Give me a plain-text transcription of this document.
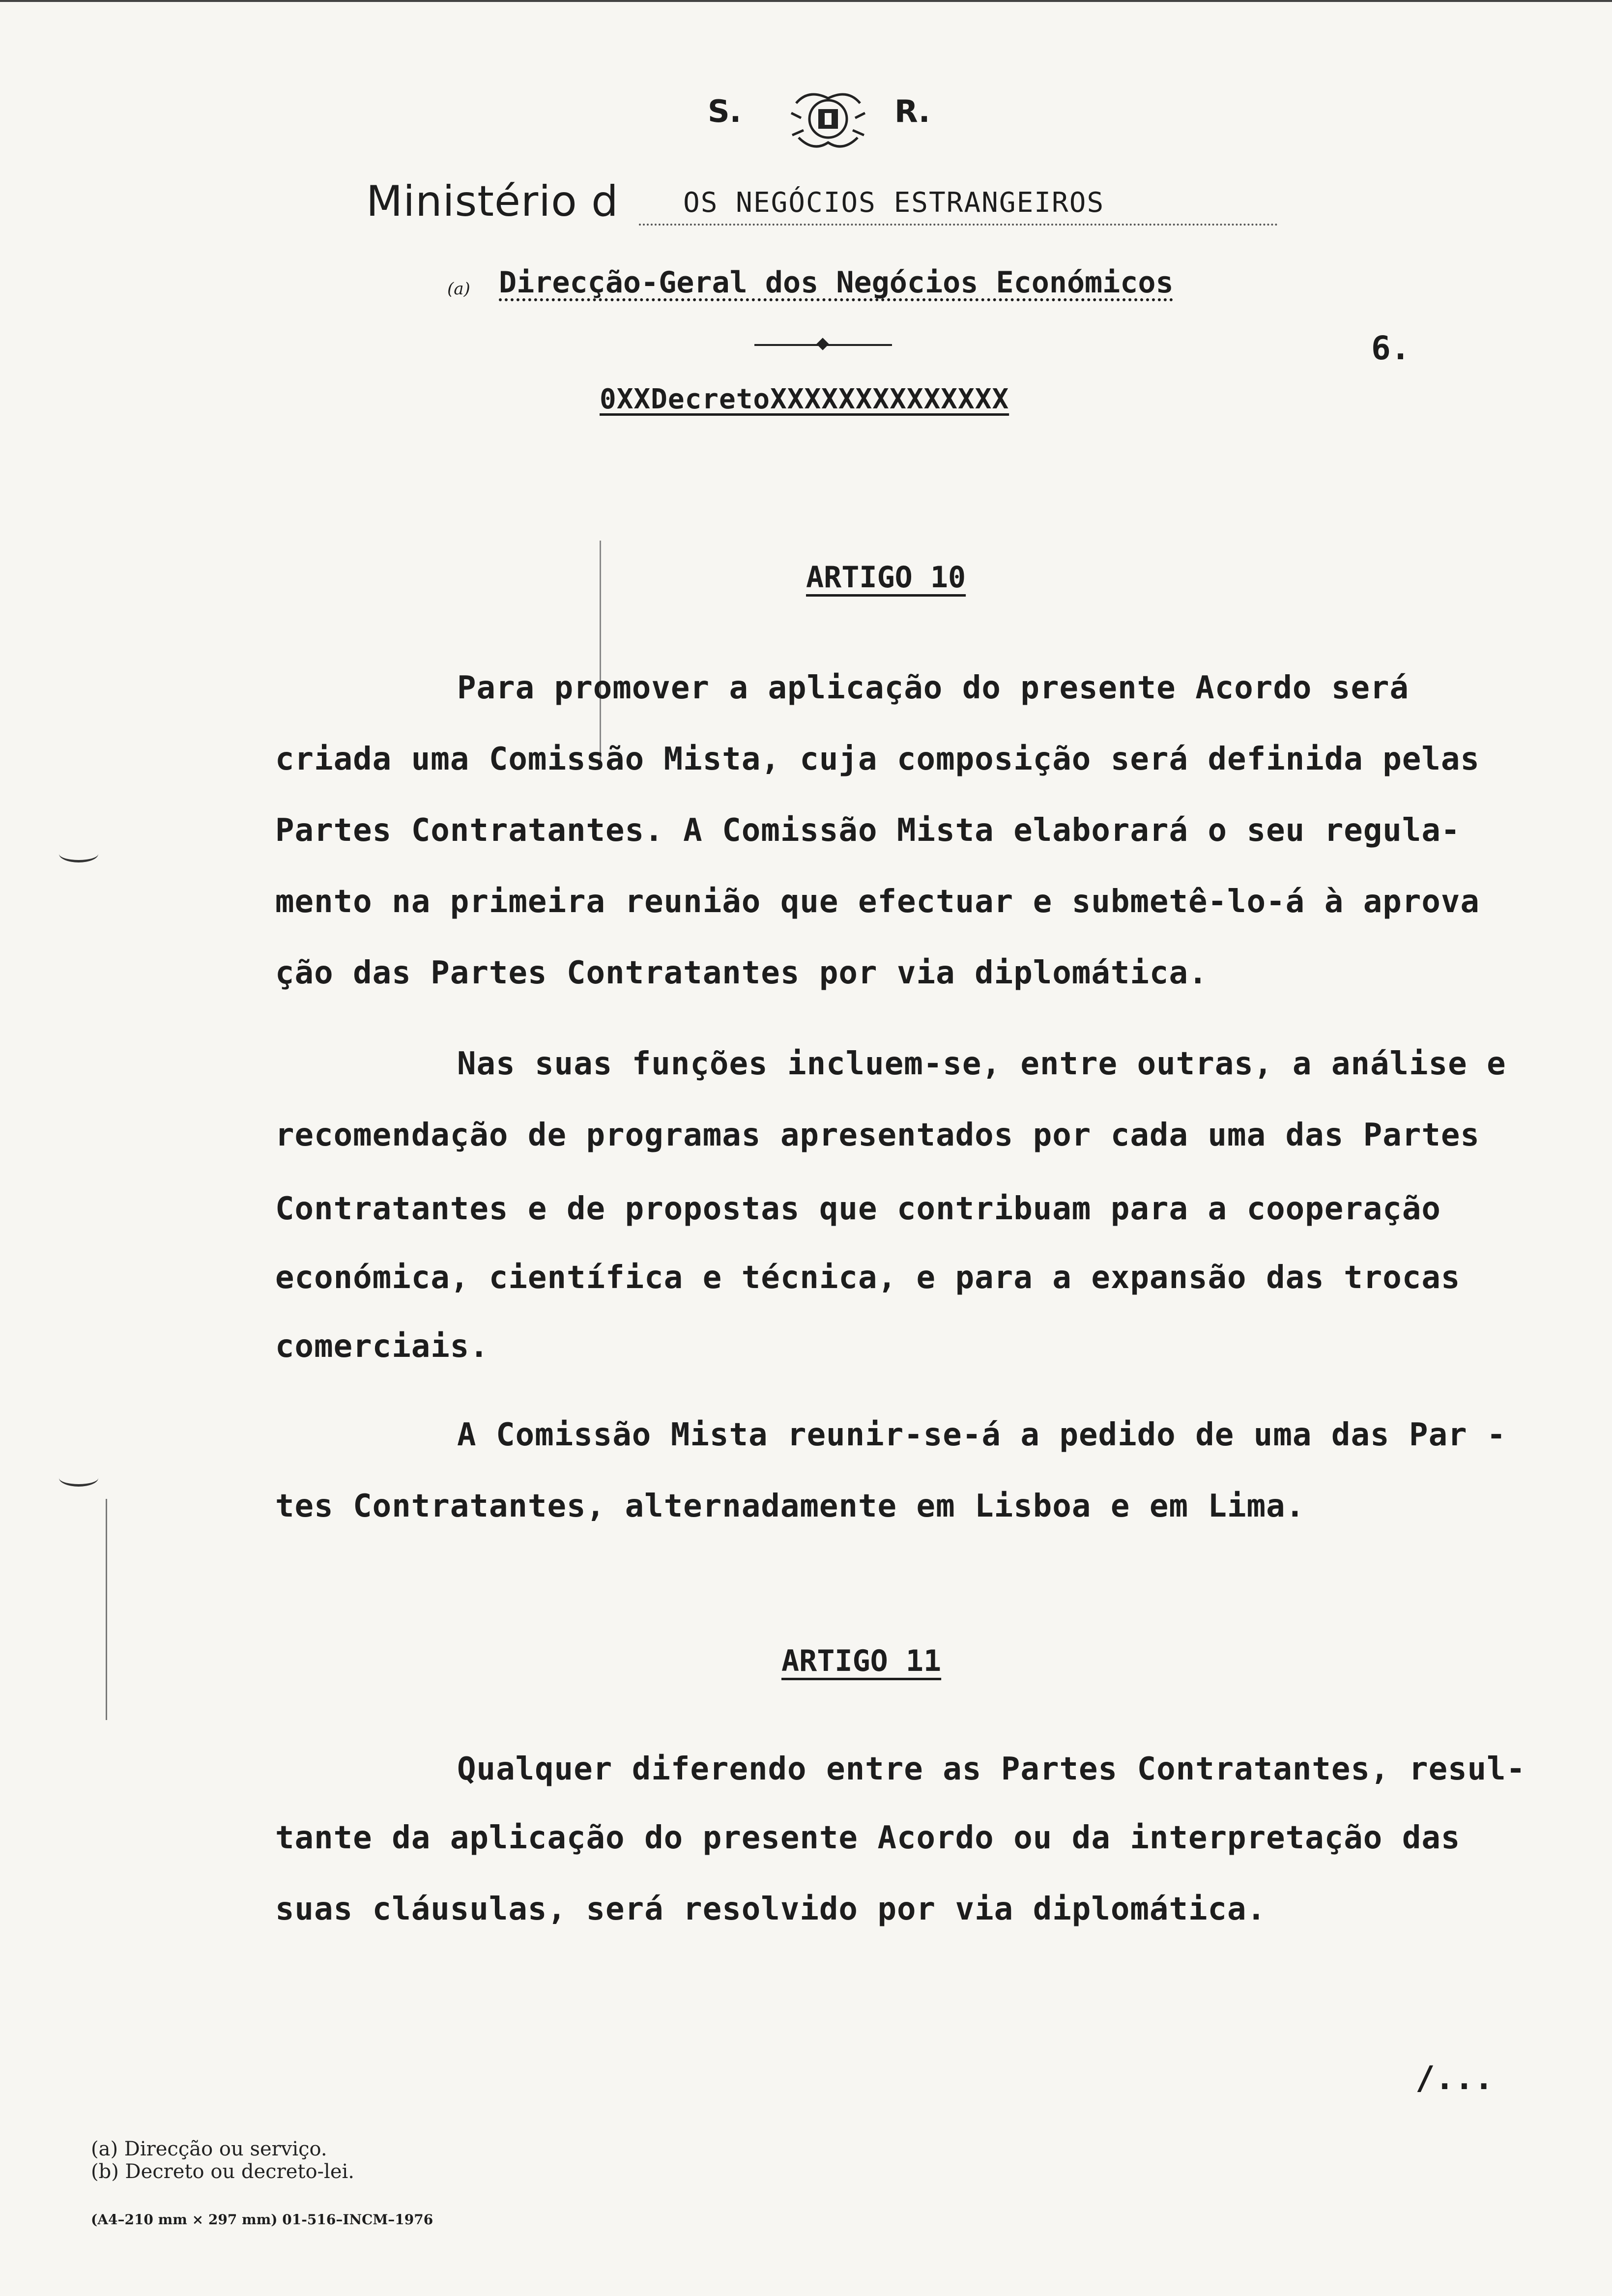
S.	R.
Ministério d OS NEGÓCIOS ESTRANGEIROS
(a) Direcção-Geral dos Negócios Económicos
6.
0XXDecretoXXXXXXXXXXXXXX
ARTIGO 10
Para promover a aplicação do presente Acordo será
criada uma Comissão Mista, cuja composição será definida pelas
Partes Contratantes. A Comissão Mista elaborará o seu regula-
mento na primeira reunião que efectuar e submetê-lo-á à aprova
ção das Partes Contratantes por via diplomática.
Nas suas funções incluem-se, entre outras, a análise e
recomendação de programas apresentados por cada uma das Partes
Contratantes e de propostas que contribuam para a cooperação
económica, científica e técnica, e para a expansão das trocas
comerciais.
A Comissão Mista reunir-se-á a pedido de uma das Par -
tes Contratantes, alternadamente em Lisboa e em Lima.
ARTIGO 11
Qualquer diferendo entre as Partes Contratantes, resul-
tante da aplicação do presente Acordo ou da interpretação das
suas cláusulas, será resolvido por via diplomática.
/...
(a) Direcção ou serviço.
(b) Decreto ou decreto-lei.
(A4–210 mm × 297 mm) 01-516–INCM–1976
